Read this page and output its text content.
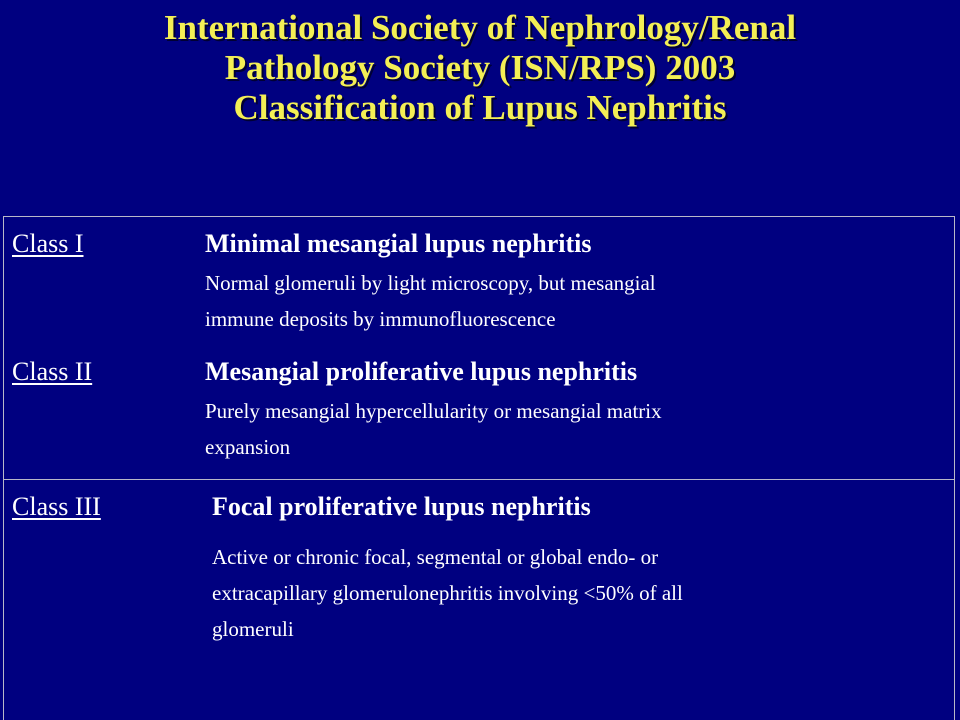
International Society of Nephrology/Renal
Pathology Society (ISN/RPS) 2003
Classification of Lupus Nephritis
Class I	Minimal mesangial lupus nephritis
Normal glomeruli by light microscopy, but mesangial
immune deposits by immunofluorescence
Class II	Mesangial proliferative lupus nephritis
Purely mesangial hypercellularity or mesangial matrix
expansion
Class III	Focal proliferative lupus nephritis
Active or chronic focal, segmental or global endo- or
extracapillary glomerulonephritis involving <50% of all
glomeruli
